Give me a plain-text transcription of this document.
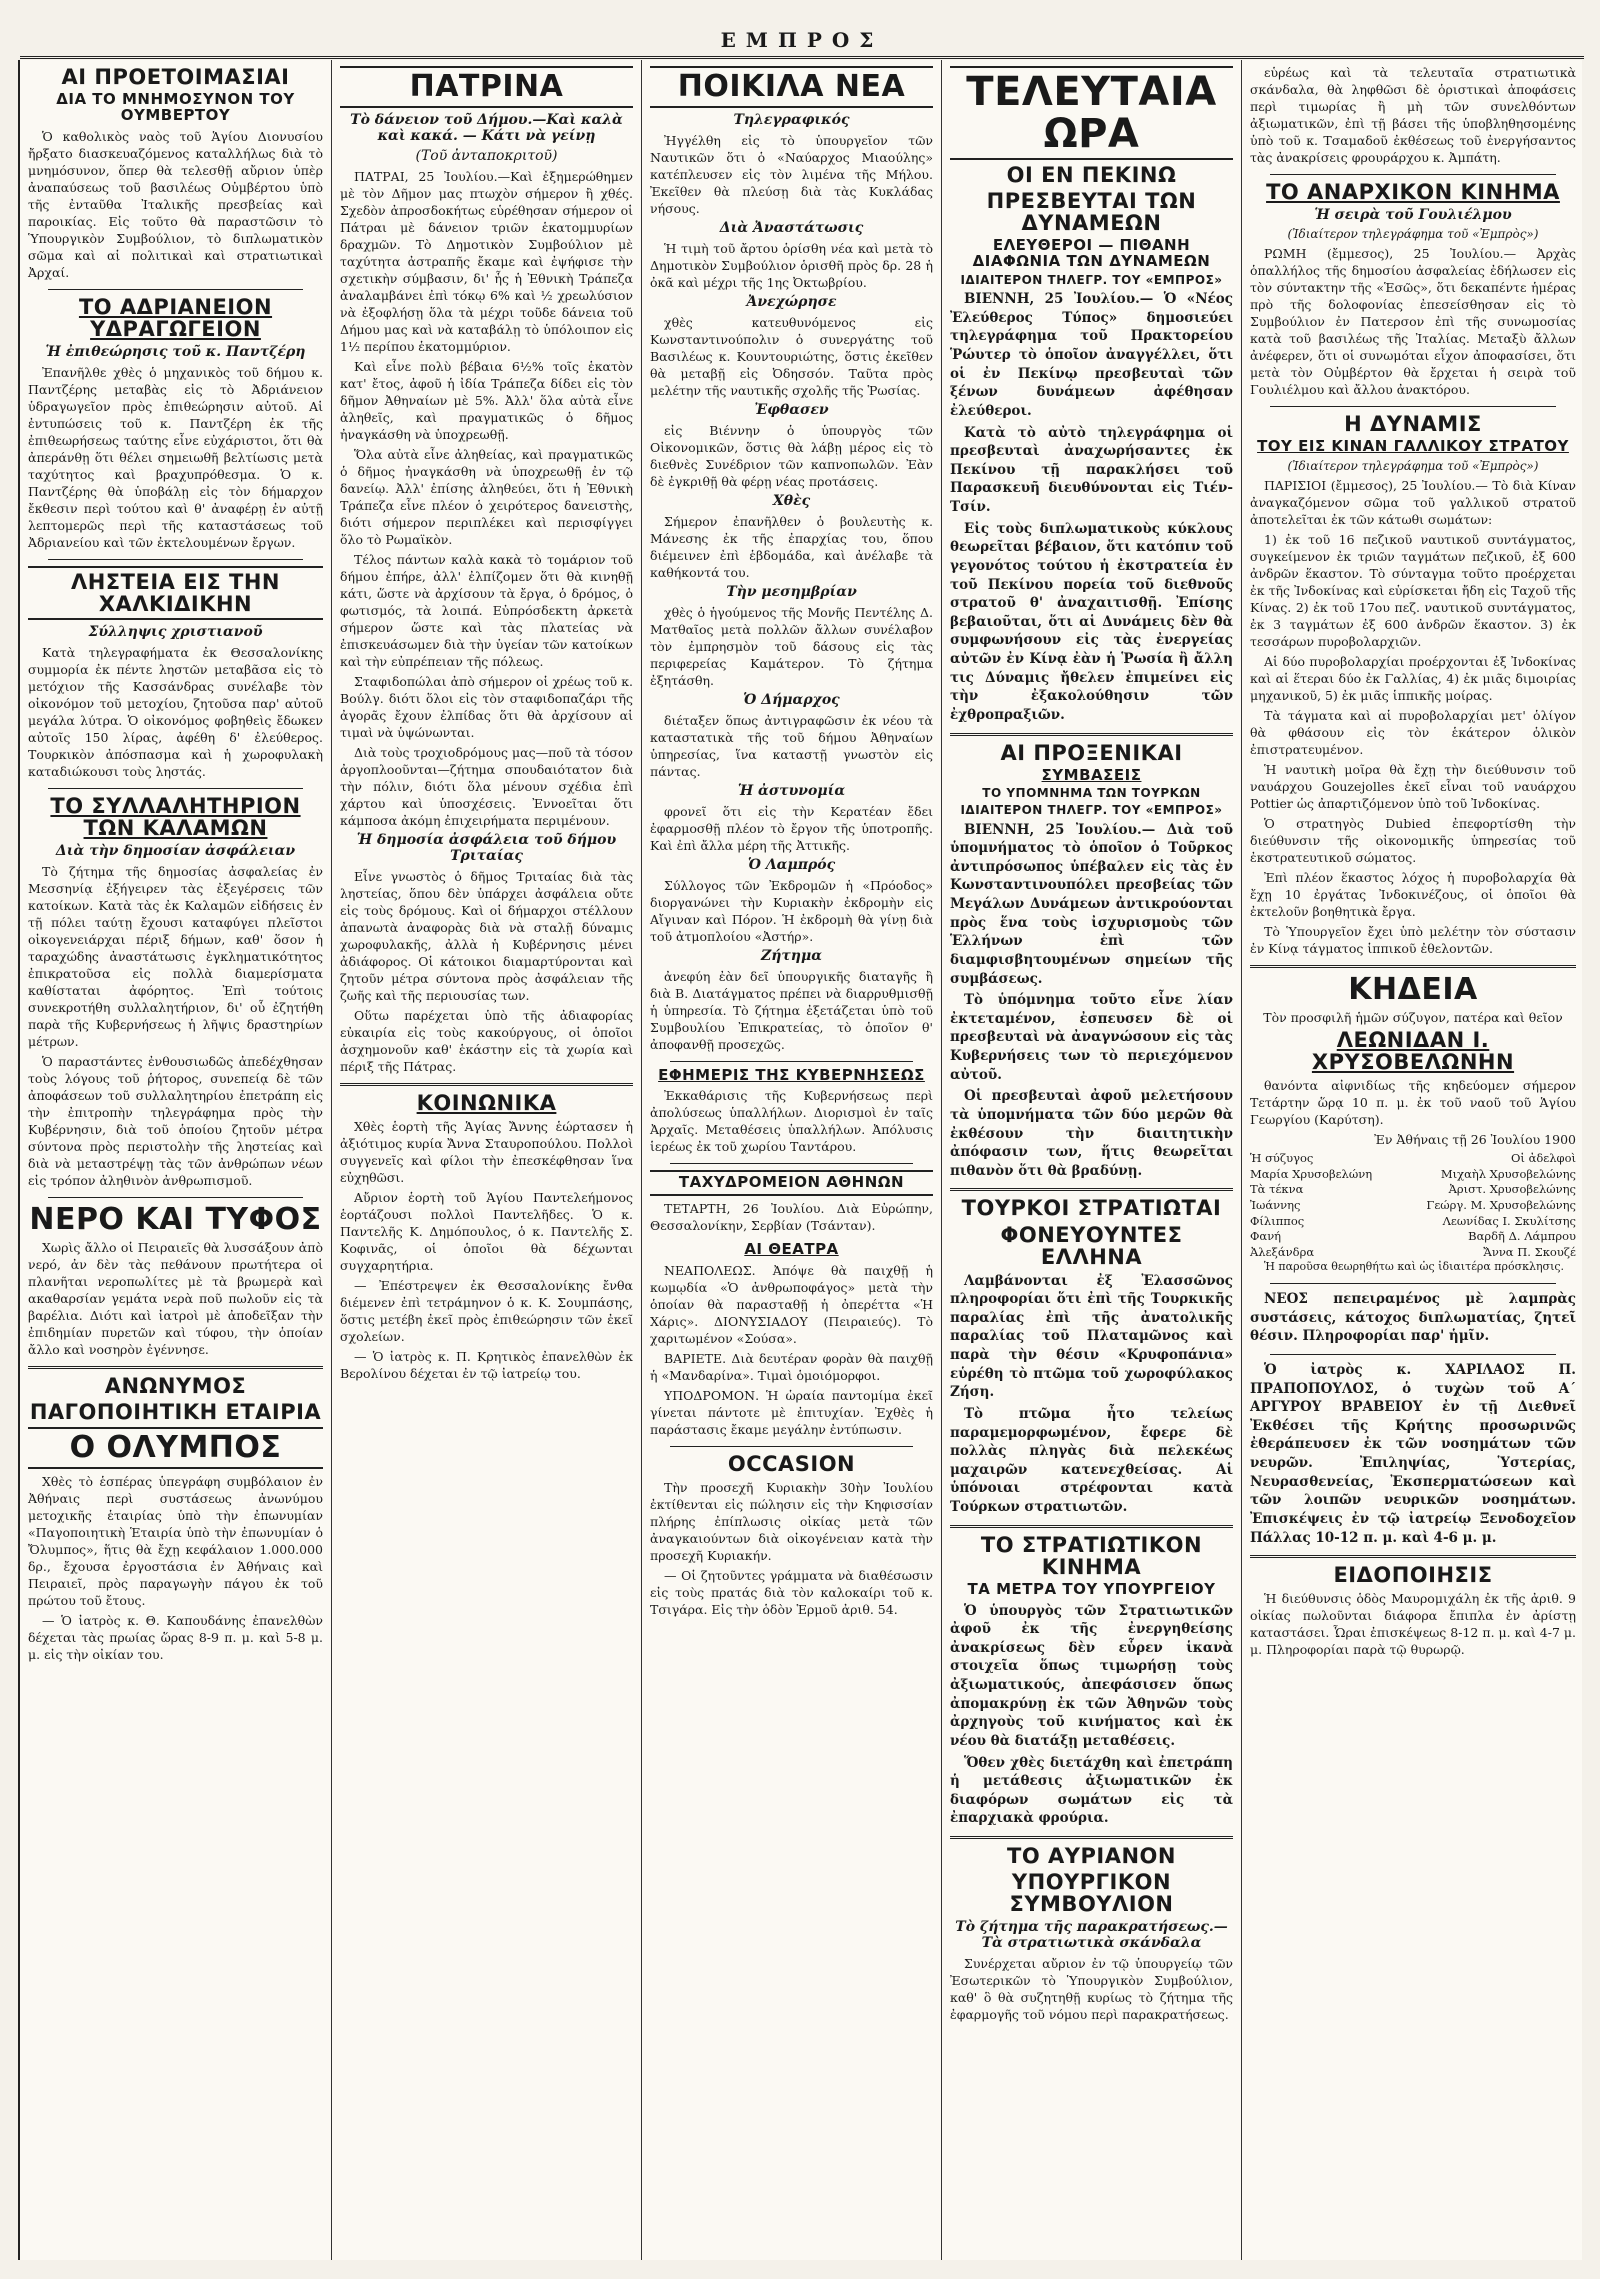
ΕΜΠΡΟΣ
ΑΙ ΠΡΟΕΤΟΙΜΑΣΙΑΙ
ΔΙΑ ΤΟ ΜΝΗΜΟΣΥΝΟΝ ΤΟΥ ΟΥΜΒΕΡΤΟΥ

Ὁ καθολικὸς ναὸς τοῦ Ἁγίου Διονυσίου ἤρξατο διασκευαζόμενος καταλλήλως διὰ τὸ μνημόσυνον, ὅπερ θὰ τελεσθῇ αὔριον ὑπὲρ ἀναπαύσεως τοῦ βασιλέως Οὐμβέρτου ὑπὸ τῆς ἐνταῦθα Ἰταλικῆς πρεσβείας καὶ παροικίας. Εἰς τοῦτο θὰ παραστῶσιν τὸ Ὑπουργικὸν Συμβούλιον, τὸ διπλωματικὸν σῶμα καὶ αἱ πολιτικαὶ καὶ στρατιωτικαὶ Ἀρχαί.

ΤΟ ΑΔΡΙΑΝΕΙΟΝ ΥΔΡΑΓΩΓΕΙΟΝ
Ἡ ἐπιθεώρησις τοῦ κ. Παντζέρη

Ἐπανῆλθε χθὲς ὁ μηχανικὸς τοῦ δήμου κ. Παντζέρης μεταβὰς εἰς τὸ Ἀδριάνειον ὑδραγωγεῖον πρὸς ἐπιθεώρησιν αὐτοῦ. Αἱ ἐντυπώσεις τοῦ κ. Παντζέρη ἐκ τῆς ἐπιθεωρήσεως ταύτης εἶνε εὐχάριστοι, ὅτι θὰ ἀπεράνθῃ ὅτι θέλει σημειωθῆ βελτίωσις μετὰ ταχύτητος καὶ βραχυπρόθεσμα. Ὁ κ. Παντζέρης θὰ ὑποβάλῃ εἰς τὸν δήμαρχον ἔκθεσιν περὶ τούτου καὶ θ' ἀναφέρῃ ἐν αὐτῇ λεπτομερῶς περὶ τῆς καταστάσεως τοῦ Ἀδριανείου καὶ τῶν ἐκτελουμένων ἔργων.

ΛΗΣΤΕΙΑ ΕΙΣ ΤΗΝ ΧΑΛΚΙΔΙΚΗΝ
Σύλληψις χριστιανοῦ

Κατὰ τηλεγραφήματα ἐκ Θεσσαλονίκης συμμορία ἐκ πέντε ληστῶν μεταβᾶσα εἰς τὸ μετόχιον τῆς Κασσάνδρας συνέλαβε τὸν οἰκονόμον τοῦ μετοχίου, ζητοῦσα παρ' αὐτοῦ μεγάλα λύτρα. Ὁ οἰκονόμος φοβηθεὶς ἔδωκεν αὐτοῖς 150 λίρας, ἀφέθη δ' ἐλεύθερος. Τουρκικὸν ἀπόσπασμα καὶ ἡ χωροφυλακὴ καταδιώκουσι τοὺς ληστάς.

ΤΟ ΣΥΛΛΑΛΗΤΗΡΙΟΝ ΤΩΝ ΚΑΛΑΜΩΝ
Διὰ τὴν δημοσίαν ἀσφάλειαν

Τὸ ζήτημα τῆς δημοσίας ἀσφαλείας ἐν Μεσσηνίᾳ ἐξήγειρεν τὰς ἐξεγέρσεις τῶν κατοίκων. Κατὰ τὰς ἐκ Καλαμῶν εἰδήσεις ἐν τῇ πόλει ταύτῃ ἔχουσι καταφύγει πλεῖστοι οἰκογενειάρχαι πέριξ δήμων, καθ' ὅσον ἡ ταραχώδης ἀναστάτωσις ἐγκληματικότητος ἐπικρατοῦσα εἰς πολλὰ διαμερίσματα καθίσταται ἀφόρητος. Ἐπὶ τούτοις συνεκροτήθη συλλαλητήριον, δι' οὗ ἐζητήθη παρὰ τῆς Κυβερνήσεως ἡ λῆψις δραστηρίων μέτρων.

Ὁ παραστάντες ἐνθουσιωδῶς ἀπεδέχθησαν τοὺς λόγους τοῦ ῥήτορος, συνεπείᾳ δὲ τῶν ἀποφάσεων τοῦ συλλαλητηρίου ἐπετράπη εἰς τὴν ἐπιτροπὴν τηλεγράφημα πρὸς τὴν Κυβέρνησιν, διὰ τοῦ ὁποίου ζητοῦν μέτρα σύντονα πρὸς περιστολὴν τῆς ληστείας καὶ διὰ νὰ μεταστρέψῃ τὰς τῶν ἀνθρώπων νέων εἰς τρόπον ἀληθινὸν ἀνθρωπισμοῦ.

ΝΕΡΟ ΚΑΙ ΤΥΦΟΣ

Χωρὶς ἄλλο οἱ Πειραιεῖς θὰ λυσσάξουν ἀπὸ νερό, ἀν δὲν τὰς πεθάνουν πρωτήτερα οἱ πλανῆται νεροπωλίτες μὲ τὰ βρωμερὰ καὶ ακαθαρσίαν γεμάτα νερὰ ποῦ πωλοῦν εἰς τὰ βαρέλια. Διότι καὶ ἰατροὶ μὲ ἀποδεῖξαν τὴν ἐπιδημίαν πυρετῶν καὶ τύφου, τὴν ὁποίαν ἄλλο καὶ νοσηρὸν ἐγέννησε.

ΑΝΩΝΥΜΟΣ
ΠΑΓΟΠΟΙΗΤΙΚΗ ΕΤΑΙΡΙΑ
Ο ΟΛΥΜΠΟΣ

Χθὲς τὸ ἑσπέρας ὑπεγράφη συμβόλαιον ἐν Ἀθήναις περὶ συστάσεως ἀνωνύμου μετοχικῆς ἑταιρίας ὑπὸ τὴν ἐπωνυμίαν «Παγοποιητικὴ Ἑταιρία ὑπὸ τὴν ἐπωνυμίαν ὁ Ὄλυμπος», ἥτις θὰ ἔχῃ κεφάλαιον 1.000.000 δρ., ἔχουσα ἐργοστάσια ἐν Ἀθήναις καὶ Πειραιεῖ, πρὸς παραγωγὴν πάγου ἐκ τοῦ πρώτου τοῦ ἔτους.

— Ὁ ἰατρὸς κ. Θ. Καπουδάνης ἐπανελθὼν δέχεται τὰς πρωίας ὥρας 8-9 π. μ. καὶ 5-8 μ. μ. εἰς τὴν οἰκίαν του.

ΠΑΤΡΙΝΑ
Τὸ δάνειον τοῦ Δήμου.—Καὶ καλὰ καὶ κακά. — Κάτι νὰ γείνῃ
(Τοῦ ἀνταποκριτοῦ)

ΠΑΤΡΑΙ, 25 Ἰουλίου.—Καὶ ἐξημερώθημεν μὲ τὸν Δῆμον μας πτωχὸν σήμερον ἢ χθές. Σχεδὸν ἀπροσδοκήτως εὑρέθησαν σήμερον οἱ Πάτραι μὲ δάνειον τριῶν ἑκατομμυρίων δραχμῶν. Τὸ Δημοτικὸν Συμβούλιον μὲ ταχύτητα ἀστραπῆς ἔκαμε καὶ ἐψήφισε τὴν σχετικὴν σύμβασιν, δι' ἧς ἡ Ἐθνικὴ Τράπεζα ἀναλαμβάνει ἐπὶ τόκῳ 6% καὶ ½ χρεωλύσιον νὰ ἐξοφλήσῃ ὅλα τὰ μέχρι τοῦδε δάνεια τοῦ Δήμου μας καὶ νὰ καταβάλῃ τὸ ὑπόλοιπον εἰς 1½ περίπου ἑκατομμύριον.

Καὶ εἶνε πολὺ βέβαια 6½% τοῖς ἑκατὸν κατ' ἔτος, ἀφοῦ ἡ ἰδία Τράπεζα δίδει εἰς τὸν δῆμον Ἀθηναίων μὲ 5%. Ἀλλ' ὅλα αὐτὰ εἶνε ἀληθεῖς, καὶ πραγματικῶς ὁ δῆμος ἠναγκάσθη νὰ ὑποχρεωθῇ.

Ὅλα αὐτὰ εἶνε ἀληθείας, καὶ πραγματικῶς ὁ δῆμος ἠναγκάσθη νὰ ὑποχρεωθῇ ἐν τῷ δανείῳ. Ἀλλ' ἐπίσης ἀληθεύει, ὅτι ἡ Ἐθνικὴ Τράπεζα εἶνε πλέον ὁ χειρότερος δανειστὴς, διότι σήμερον περιπλέκει καὶ περισφίγγει ὅλο τὸ Ρωμαϊκὸν.

Τέλος πάντων καλὰ κακὰ τὸ τομάριον τοῦ δήμου ἐπήρε, ἀλλ' ἐλπίζομεν ὅτι θὰ κινηθῇ κάτι, ὥστε νὰ ἀρχίσουν τὰ ἔργα, ὁ δρόμος, ὁ φωτισμός, τὰ λοιπά. Εὐπρόσδεκτη ἀρκετὰ σήμερον ὥστε καὶ τὰς πλατείας νὰ ἐπισκευάσωμεν διὰ τὴν ὑγείαν τῶν κατοίκων καὶ τὴν εὐπρέπειαν τῆς πόλεως.

Σταφιδοπώλαι ἀπὸ σήμερον οἱ χρέως τοῦ κ. Βούλγ. διότι ὅλοι εἰς τὸν σταφιδοπαζάρι τῆς ἀγορᾶς ἔχουν ἐλπίδας ὅτι θὰ ἀρχίσουν αἱ τιμαὶ νὰ ὑψώνωνται.

Διὰ τοὺς τροχιοδρόμους μας—ποῦ τὰ τόσον ἀργοπλοοῦνται—ζήτημα σπουδαιότατον διὰ τὴν πόλιν, διότι ὅλα μένουν σχέδια ἐπὶ χάρτου καὶ ὑποσχέσεις. Ἐννοεῖται ὅτι κάμποσα ἀκόμη ἐπιχειρήματα περιμένουν.

Ἡ δημοσία ἀσφάλεια τοῦ δήμου Τριταίας

Εἶνε γνωστὸς ὁ δῆμος Τριταίας διὰ τὰς ληστείας, ὅπου δὲν ὑπάρχει ἀσφάλεια οὔτε εἰς τοὺς δρόμους. Καὶ οἱ δήμαρχοι στέλλουν ἀπανωτὰ ἀναφορὰς διὰ νὰ σταλῇ δύναμις χωροφυλακῆς, ἀλλὰ ἡ Κυβέρνησις μένει ἀδιάφορος. Οἱ κάτοικοι διαμαρτύρονται καὶ ζητοῦν μέτρα σύντονα πρὸς ἀσφάλειαν τῆς ζωῆς καὶ τῆς περιουσίας των.

Οὕτω παρέχεται ὑπὸ τῆς ἀδιαφορίας εὐκαιρία εἰς τοὺς κακούργους, οἱ ὁποῖοι ἀσχημονοῦν καθ' ἑκάστην εἰς τὰ χωρία καὶ πέριξ τῆς Πάτρας.

ΚΟΙΝΩΝΙΚΑ

Χθὲς ἑορτὴ τῆς Ἁγίας Ἄννης ἑώρτασεν ἡ ἀξιότιμος κυρία Ἄννα Σταυροπούλου. Πολλοὶ συγγενεῖς καὶ φίλοι τὴν ἐπεσκέφθησαν ἵνα εὐχηθῶσι.

Αὔριον ἑορτὴ τοῦ Ἁγίου Παντελεήμονος ἑορτάζουσι πολλοὶ Παντελῆδες. Ὁ κ. Παντελῆς Κ. Δημόπουλος, ὁ κ. Παντελῆς Σ. Κοφινᾶς, οἱ ὁποῖοι θὰ δέχωνται συγχαρητήρια.

— Ἐπέστρεψεν ἐκ Θεσσαλονίκης ἔνθα διέμενεν ἐπὶ τετράμηνον ὁ κ. Κ. Σουμπάσης, ὅστις μετέβη ἐκεῖ πρὸς ἐπιθεώρησιν τῶν ἐκεῖ σχολείων.

— Ὁ ἰατρὸς κ. Π. Κρητικὸς ἐπανελθὼν ἐκ Βερολίνου δέχεται ἐν τῷ ἰατρείῳ του.

ΠΟΙΚΙΛΑ ΝΕΑ
Τηλεγραφικός

Ἠγγέλθη εἰς τὸ ὑπουργεῖον τῶν Ναυτικῶν ὅτι ὁ «Ναύαρχος Μιαούλης» κατέπλευσεν εἰς τὸν λιμένα τῆς Μήλου. Ἐκεῖθεν θὰ πλεύσῃ διὰ τὰς Κυκλάδας νήσους.

Διὰ Ἀναστάτωσις

Ἡ τιμὴ τοῦ ἄρτου ὁρίσθη νέα καὶ μετὰ τὸ Δημοτικὸν Συμβούλιον ὁρισθῆ πρὸς δρ. 28 ἡ ὀκᾶ καὶ μέχρι τῆς 1ης Ὀκτωβρίου.

Ἀνεχώρησε

χθὲς κατευθυνόμενος εἰς Κωνσταντινούπολιν ὁ συνεργάτης τοῦ Βασιλέως κ. Κουντουριώτης, ὅστις ἐκεῖθεν θὰ μεταβῇ εἰς Ὀδησσόν. Ταῦτα πρὸς μελέτην τῆς ναυτικῆς σχολῆς τῆς Ῥωσίας.

Ἐφθασεν

εἰς Βιέννην ὁ ὑπουργὸς τῶν Οἰκονομικῶν, ὅστις θὰ λάβῃ μέρος εἰς τὸ διεθνὲς Συνέδριον τῶν καπνοπωλῶν. Ἐὰν δὲ ἐγκριθῇ θὰ φέρῃ νέας προτάσεις.

Χθὲς

Σήμερον ἐπανῆλθεν ὁ βουλευτὴς κ. Μάνεσης ἐκ τῆς ἐπαρχίας του, ὅπου διέμεινεν ἐπὶ ἑβδομάδα, καὶ ἀνέλαβε τὰ καθήκοντά του.

Τὴν μεσημβρίαν

χθὲς ὁ ἡγούμενος τῆς Μονῆς Πεντέλης Δ. Ματθαῖος μετὰ πολλῶν ἄλλων συνέλαβον τὸν ἐμπρησμὸν τοῦ δάσους εἰς τὰς περιφερείας Καμάτερον. Τὸ ζήτημα ἐξητάσθη.

Ὁ Δήμαρχος

διέταξεν ὅπως ἀντιγραφῶσιν ἐκ νέου τὰ καταστατικὰ τῆς τοῦ δήμου Ἀθηναίων ὑπηρεσίας, ἵνα καταστῇ γνωστὸν εἰς πάντας.

Ἡ ἀστυνομία

φρονεῖ ὅτι εἰς τὴν Κερατέαν ἔδει ἐφαρμοσθῇ πλέον τὸ ἔργον τῆς ὑποτροπῆς. Καὶ ἐπὶ ἄλλα μέρη τῆς Ἀττικῆς.

Ὁ Λαμπρός

Σύλλογος τῶν Ἐκδρομῶν ἡ «Πρόοδος» διοργανώνει τὴν Κυριακὴν ἐκδρομὴν εἰς Αἴγιναν καὶ Πόρον. Ἡ ἐκδρομὴ θὰ γίνῃ διὰ τοῦ ἀτμοπλοίου «Ἀστήρ».

Ζήτημα

ἀνεφύη ἐὰν δεῖ ὑπουργικῆς διαταγῆς ἢ διὰ Β. Διατάγματος πρέπει νὰ διαρρυθμισθῇ ἡ ὑπηρεσία. Τὸ ζήτημα ἐξετάζεται ὑπὸ τοῦ Συμβουλίου Ἐπικρατείας, τὸ ὁποῖον θ' ἀποφανθῇ προσεχῶς.

ΕΦΗΜΕΡΙΣ ΤΗΣ ΚΥΒΕΡΝΗΣΕΩΣ

Ἐκκαθάρισις τῆς Κυβερνήσεως περὶ ἀπολύσεως ὑπαλλήλων. Διορισμοὶ ἐν ταῖς Ἀρχαῖς. Μεταθέσεις ὑπαλλήλων. Ἀπόλυσις ἱερέως ἐκ τοῦ χωρίου Ταντάρου.

ΤΑΧΥΔΡΟΜΕΙΟΝ ΑΘΗΝΩΝ

ΤΕΤΑΡΤΗ, 26 Ἰουλίου. Διὰ Εὐρώπην, Θεσσαλονίκην, Σερβίαν (Τσάνταν).

ΑΙ ΘΕΑΤΡΑ

ΝΕΑΠΟΛΕΩΣ. Ἀπόψε θὰ παιχθῇ ἡ κωμῳδία «Ὁ ἀνθρωποφάγος» μετὰ τὴν ὁποίαν θὰ παρασταθῇ ἡ ὀπερέττα «Ἡ Χάρις». ΔΙΟΝΥΣΙΑΔΟΥ (Πειραιεύς). Τὸ χαριτωμένον «Σούσα».

ΒΑΡΙΕΤΕ. Διὰ δευτέραν φορὰν θὰ παιχθῇ ἡ «Μανδαρίνα». Τιμαὶ ὁμοιόμορφοι.

ΥΠΟΔΡΟΜΟΝ. Ἡ ὡραία παντομίμα ἐκεῖ γίνεται πάντοτε μὲ ἐπιτυχίαν. Ἐχθὲς ἡ παράστασις ἔκαμε μεγάλην ἐντύπωσιν.

OCCASION

Τὴν προσεχῆ Κυριακὴν 30ὴν Ἰουλίου ἐκτίθενται εἰς πώλησιν εἰς τὴν Κηφισσίαν πλήρης ἐπίπλωσις οἰκίας μετὰ τῶν ἀναγκαιούντων διὰ οἰκογένειαν κατὰ τὴν προσεχῆ Κυριακήν.

— Οἱ ζητοῦντες γράμματα νὰ διαθέσωσιν εἰς τοὺς πρατάς διὰ τὸν καλοκαίρι τοῦ κ. Τσιγάρα. Εἰς τὴν ὁδὸν Ἑρμοῦ ἀριθ. 54.

ΤΕΛΕΥΤΑΙΑ ΩΡΑ
ΟΙ ΕΝ ΠΕΚΙΝΩ
ΠΡΕΣΒΕΥΤΑΙ ΤΩΝ ΔΥΝΑΜΕΩΝ
ΕΛΕΥΘΕΡΟΙ — ΠΙΘΑΝΗ ΔΙΑΦΩΝΙΑ ΤΩΝ ΔΥΝΑΜΕΩΝ
ΙΔΙΑΙΤΕΡΟΝ ΤΗΛΕΓΡ. ΤΟΥ «ΕΜΠΡΟΣ»

ΒΙΕΝΝΗ, 25 Ἰουλίου.— Ὁ «Νέος Ἐλεύθερος Τύπος» δημοσιεύει τηλεγράφημα τοῦ Πρακτορείου Ῥώυτερ τὸ ὁποῖον ἀναγγέλλει, ὅτι οἱ ἐν Πεκίνῳ πρεσβευταὶ τῶν ξένων δυνάμεων ἀφέθησαν ἐλεύθεροι.

Κατὰ τὸ αὐτὸ τηλεγράφημα οἱ πρεσβευταὶ ἀναχωρήσαντες ἐκ Πεκίνου τῇ παρακλήσει τοῦ Παρασκευῆ διευθύνονται εἰς Τιέν-Τσίν.

Εἰς τοὺς διπλωματικοὺς κύκλους θεωρεῖται βέβαιον, ὅτι κατόπιν τοῦ γεγονότος τούτου ἡ ἐκστρατεία ἐν τοῦ Πεκίνου πορεία τοῦ διεθνοῦς στρατοῦ θ' ἀναχαιτισθῇ. Ἐπίσης βεβαιοῦται, ὅτι αἱ Δυνάμεις δὲν θὰ συμφωνήσουν εἰς τὰς ἐνεργείας αὐτῶν ἐν Κίνᾳ ἐὰν ἡ Ῥωσία ἢ ἄλλη τις Δύναμις ἤθελεν ἐπιμείνει εἰς τὴν ἐξακολούθησιν τῶν ἐχθροπραξιῶν.

ΑΙ ΠΡΟΞΕΝΙΚΑΙ
ΣΥΜΒΑΣΕΙΣ
ΤΟ ΥΠΟΜΝΗΜΑ ΤΩΝ ΤΟΥΡΚΩΝ
ΙΔΙΑΙΤΕΡΟΝ ΤΗΛΕΓΡ. ΤΟΥ «ΕΜΠΡΟΣ»

ΒΙΕΝΝΗ, 25 Ἰουλίου.— Διὰ τοῦ ὑπομνήματος τὸ ὁποῖον ὁ Τοῦρκος ἀντιπρόσωπος ὑπέβαλεν εἰς τὰς ἐν Κωνσταντινουπόλει πρεσβείας τῶν Μεγάλων Δυνάμεων ἀντικρούονται πρὸς ἕνα τοὺς ἰσχυρισμοὺς τῶν Ἑλλήνων ἐπὶ τῶν διαμφισβητουμένων σημείων τῆς συμβάσεως.

Τὸ ὑπόμνημα τοῦτο εἶνε λίαν ἐκτεταμένον, ἐσπευσεν δὲ οἱ πρεσβευταὶ νὰ ἀναγνώσουν εἰς τὰς Κυβερνήσεις των τὸ περιεχόμενον αὐτοῦ.

Οἱ πρεσβευταὶ ἀφοῦ μελετήσουν τὰ ὑπομνήματα τῶν δύο μερῶν θὰ ἐκθέσουν τὴν διαιτητικὴν ἀπόφασιν των, ἥτις θεωρεῖται πιθανὸν ὅτι θὰ βραδύνῃ.

ΤΟΥΡΚΟΙ ΣΤΡΑΤΙΩΤΑΙ
ΦΟΝΕΥΟΥΝΤΕΣ ΕΛΛΗΝΑ

Λαμβάνονται ἐξ Ἐλασσῶνος πληροφορίαι ὅτι ἐπὶ τῆς Τουρκικῆς παραλίας ἐπὶ τῆς ἀνατολικῆς παραλίας τοῦ Πλαταμῶνος καὶ παρὰ τὴν θέσιν «Κρυφοπάνια» εὑρέθη τὸ πτῶμα τοῦ χωροφύλακος Ζήση.

Τὸ πτῶμα ἦτο τελείως παραμεμορφωμένον, ἔφερε δὲ πολλὰς πληγὰς διὰ πελεκέως μαχαιρῶν κατενεχθείσας. Αἱ ὑπόνοιαι στρέφονται κατὰ Τούρκων στρατιωτῶν.

ΤΟ ΣΤΡΑΤΙΩΤΙΚΟΝ ΚΙΝΗΜΑ
ΤΑ ΜΕΤΡΑ ΤΟΥ ΥΠΟΥΡΓΕΙΟΥ

Ὁ ὑπουργὸς τῶν Στρατιωτικῶν ἀφοῦ ἐκ τῆς ἐνεργηθείσης ἀνακρίσεως δὲν εὗρεν ἱκανὰ στοιχεῖα ὅπως τιμωρήσῃ τοὺς ἀξιωματικούς, ἀπεφάσισεν ὅπως ἀπομακρύνῃ ἐκ τῶν Ἀθηνῶν τοὺς ἀρχηγοὺς τοῦ κινήματος καὶ ἐκ νέου θὰ διατάξῃ μεταθέσεις.

Ὅθεν χθὲς διετάχθη καὶ ἐπετράπη ἡ μετάθεσις ἀξιωματικῶν ἐκ διαφόρων σωμάτων εἰς τὰ ἐπαρχιακὰ φρούρια.

ΤΟ ΑΥΡΙΑΝΟΝ
ΥΠΟΥΡΓΙΚΟΝ ΣΥΜΒΟΥΛΙΟΝ
Τὸ ζήτημα τῆς παρακρατήσεως.— Τὰ στρατιωτικὰ σκάνδαλα

Συνέρχεται αὔριον ἐν τῷ ὑπουργείῳ τῶν Ἐσωτερικῶν τὸ Ὑπουργικὸν Συμβούλιον, καθ' ὃ θὰ συζητηθῇ κυρίως τὸ ζήτημα τῆς ἐφαρμογῆς τοῦ νόμου περὶ παρακρατήσεως.

εὑρέως καὶ τὰ τελευταῖα στρατιωτικὰ σκάνδαλα, θὰ ληφθῶσι δὲ ὁριστικαὶ ἀποφάσεις περὶ τιμωρίας ἢ μὴ τῶν συνελθόντων ἀξιωματικῶν, ἐπὶ τῇ βάσει τῆς ὑποβληθησομένης ὑπὸ τοῦ κ. Τσαμαδοῦ ἐκθέσεως τοῦ ἐνεργήσαντος τὰς ἀνακρίσεις φρουράρχου κ. Ἀμπάτη.

ΤΟ ΑΝΑΡΧΙΚΟΝ ΚΙΝΗΜΑ
Ἡ σειρὰ τοῦ Γουλιέλμου
(Ἰδιαίτερον τηλεγράφημα τοῦ «Ἐμπρὸς»)

ΡΩΜΗ (ἔμμεσος), 25 Ἰουλίου.— Ἀρχὰς ὁπαλλήλος τῆς δημοσίου ἀσφαλείας ἐδήλωσεν εἰς τὸν σύντακτην τῆς «Ἑσῶς», ὅτι δεκαπέντε ἡμέρας πρὸ τῆς δολοφονίας ἐπεσείσθησαν εἰς τὸ Συμβούλιον ἐν Πατερσον ἐπὶ τῆς συνωμοσίας κατὰ τοῦ βασιλέως τῆς Ἰταλίας. Μεταξὺ ἄλλων ἀνέφερεν, ὅτι οἱ συνωμόται εἶχον ἀποφασίσει, ὅτι μετὰ τὸν Οὐμβέρτον θὰ ἔρχεται ἡ σειρὰ τοῦ Γουλιέλμου καὶ ἄλλου ἀνακτόρου.

Η ΔΥΝΑΜΙΣ
ΤΟΥ ΕΙΣ ΚΙΝΑΝ ΓΑΛΛΙΚΟΥ ΣΤΡΑΤΟΥ
(Ἰδιαίτερον τηλεγράφημα τοῦ «Ἐμπρὸς»)

ΠΑΡΙΣΙΟΙ (ἔμμεσος), 25 Ἰουλίου.— Τὸ διὰ Κίναν ἀναγκαζόμενον σῶμα τοῦ γαλλικοῦ στρατοῦ ἀποτελεῖται ἐκ τῶν κάτωθι σωμάτων:

1) ἐκ τοῦ 16 πεζικοῦ ναυτικοῦ συντάγματος, συγκείμενον ἐκ τριῶν ταγμάτων πεζικοῦ, ἐξ 600 ἀνδρῶν ἕκαστον. Τὸ σύνταγμα τοῦτο προέρχεται ἐκ τῆς Ἰνδοκίνας καὶ εὑρίσκεται ἤδη εἰς Ταχοῦ τῆς Κίνας. 2) ἐκ τοῦ 17ου πεζ. ναυτικοῦ συντάγματος, ἐκ 3 ταγμάτων ἐξ 600 ἀνδρῶν ἕκαστον. 3) ἐκ τεσσάρων πυροβολαρχιῶν.

Αἱ δύο πυροβολαρχίαι προέρχονται ἐξ Ἰνδοκίνας καὶ αἱ ἕτεραι δύο ἐκ Γαλλίας, 4) ἐκ μιᾶς διμοιρίας μηχανικοῦ, 5) ἐκ μιᾶς ἱππικῆς μοίρας.

Τὰ τάγματα καὶ αἱ πυροβολαρχίαι μετ' ὁλίγον θὰ φθάσουν εἰς τὸν ἑκάτερον ὁλικὸν ἐπιστρατευμένον.

Ἡ ναυτικὴ μοῖρα θὰ ἔχῃ τὴν διεύθυνσιν τοῦ ναυάρχου Gouzejolles ἐκεῖ εἶναι τοῦ ναυάρχου Pottier ὡς ἀπαρτιζόμενον ὑπὸ τοῦ Ἰνδοκίνας.

Ὁ στρατηγὸς Dubied ἐπεφορτίσθη τὴν διεύθυνσιν τῆς οἰκονομικῆς ὑπηρεσίας τοῦ ἐκστρατευτικοῦ σώματος.

Ἐπὶ πλέον ἕκαστος λόχος ἡ πυροβολαρχία θὰ ἔχῃ 10 ἐργάτας Ἰνδοκινέζους, οἱ ὁποῖοι θὰ ἐκτελοῦν βοηθητικὰ ἔργα.

Τὸ Ὑπουργεῖον ἔχει ὑπὸ μελέτην τὸν σύστασιν ἐν Κίνᾳ τάγματος ἱππικοῦ ἐθελοντῶν.

ΚΗΔΕΙΑ

Τὸν προσφιλῆ ἡμῶν σύζυγον, πατέρα καὶ θεῖον

ΛΕΩΝΙΔΑΝ Ι. ΧΡΥΣΟΒΕΛΩΝΗΝ

θανόντα αἰφνιδίως τῆς κηδεύομεν σήμερον Τετάρτην ὥρᾳ 10 π. μ. ἐκ τοῦ ναοῦ τοῦ Ἁγίου Γεωργίου (Καρύτση).

Ἐν Ἀθήναις τῇ 26 Ἰουλίου 1900

Ἡ σύζυγος	Οἱ ἀδελφοὶ
Μαρία Χρυσοβελώνη	Μιχαὴλ Χρυσοβελώνης
Τὰ τέκνα	Ἀριστ. Χρυσοβελώνης
Ἰωάννης	Γεώργ. Μ. Χρυσοβελώνης
Φίλιππος	Λεωνίδας Ι. Σκυλίτσης
Φανή	Βαρδῆ Δ. Λάμπρου
Ἀλεξάνδρα	Ἄννα Π. Σκουζέ

Ἡ παροῦσα θεωρηθήτω καὶ ὡς ἰδιαιτέρα πρόσκλησις.

ΝΕΟΣ πεπειραμένος μὲ λαμπρὰς συστάσεις, κάτοχος διπλωματίας, ζητεῖ θέσιν. Πληροφορίαι παρ' ἡμῖν.

Ὁ ἰατρὸς κ. ΧΑΡΙΛΑΟΣ Π. ΠΡΑΠΟΠΟΥΛΟΣ, ὁ τυχὼν τοῦ Α΄ ΑΡΓΥΡΟΥ ΒΡΑΒΕΙΟΥ ἐν τῇ Διεθνεῖ Ἐκθέσει τῆς Κρήτης προσωρινῶς ἐθεράπευσεν ἐκ τῶν νοσημάτων τῶν νευρῶν. Ἐπιληψίας, Ὑστερίας, Νευρασθενείας, Ἐκσπερματώσεων καὶ τῶν λοιπῶν νευρικῶν νοσημάτων. Ἐπισκέψεις ἐν τῷ ἰατρείῳ Ξενοδοχεῖον Πάλλας 10-12 π. μ. καὶ 4-6 μ. μ.

ΕΙΔΟΠΟΙΗΣΙΣ

Ἡ διεύθυνσις ὁδὸς Μαυρομιχάλη ἐκ τῆς ἀριθ. 9 οἰκίας πωλοῦνται διάφορα ἔπιπλα ἐν ἀρίστῃ καταστάσει. Ὧραι ἐπισκέψεως 8-12 π. μ. καὶ 4-7 μ. μ. Πληροφορίαι παρὰ τῷ θυρωρῷ.
